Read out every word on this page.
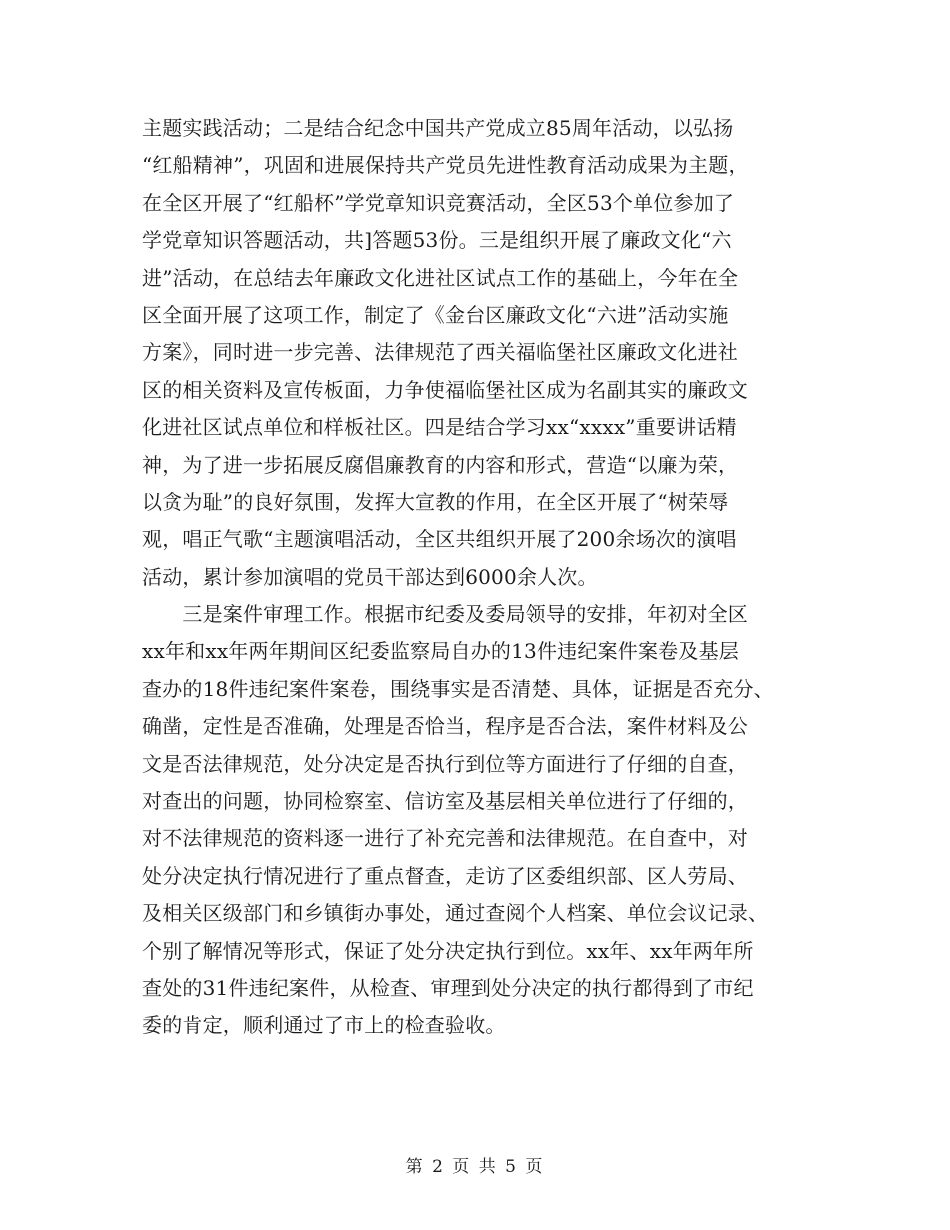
主题实践活动；二是结合纪念中国共产党成立85周年活动，以弘扬
“红船精神”，巩固和进展保持共产党员先进性教育活动成果为主题，
在全区开展了“红船杯”学党章知识竞赛活动，全区53个单位参加了
学党章知识答题活动，共]答题53份。三是组织开展了廉政文化“六
进”活动，在总结去年廉政文化进社区试点工作的基础上，今年在全
区全面开展了这项工作，制定了《金台区廉政文化“六进”活动实施
方案》，同时进一步完善、法律规范了西关福临堡社区廉政文化进社
区的相关资料及宣传板面，力争使福临堡社区成为名副其实的廉政文
化进社区试点单位和样板社区。四是结合学习xx“xxxx”重要讲话精
神，为了进一步拓展反腐倡廉教育的内容和形式，营造“以廉为荣，
以贪为耻”的良好氛围，发挥大宣教的作用，在全区开展了“树荣辱
观，唱正气歌“主题演唱活动，全区共组织开展了200余场次的演唱
活动，累计参加演唱的党员干部达到6000余人次。
　　三是案件审理工作。根据市纪委及委局领导的安排，年初对全区
xx年和xx年两年期间区纪委监察局自办的13件违纪案件案卷及基层
查办的18件违纪案件案卷，围绕事实是否清楚、具体，证据是否充分、
确凿，定性是否准确，处理是否恰当，程序是否合法，案件材料及公
文是否法律规范，处分决定是否执行到位等方面进行了仔细的自查，
对查出的问题，协同检察室、信访室及基层相关单位进行了仔细的，
对不法律规范的资料逐一进行了补充完善和法律规范。在自查中，对
处分决定执行情况进行了重点督查，走访了区委组织部、区人劳局、
及相关区级部门和乡镇街办事处，通过查阅个人档案、单位会议记录、
个别了解情况等形式，保证了处分决定执行到位。xx年、xx年两年所
查处的31件违纪案件，从检查、审理到处分决定的执行都得到了市纪
委的肯定，顺利通过了市上的检查验收。
第 2 页 共 5 页
